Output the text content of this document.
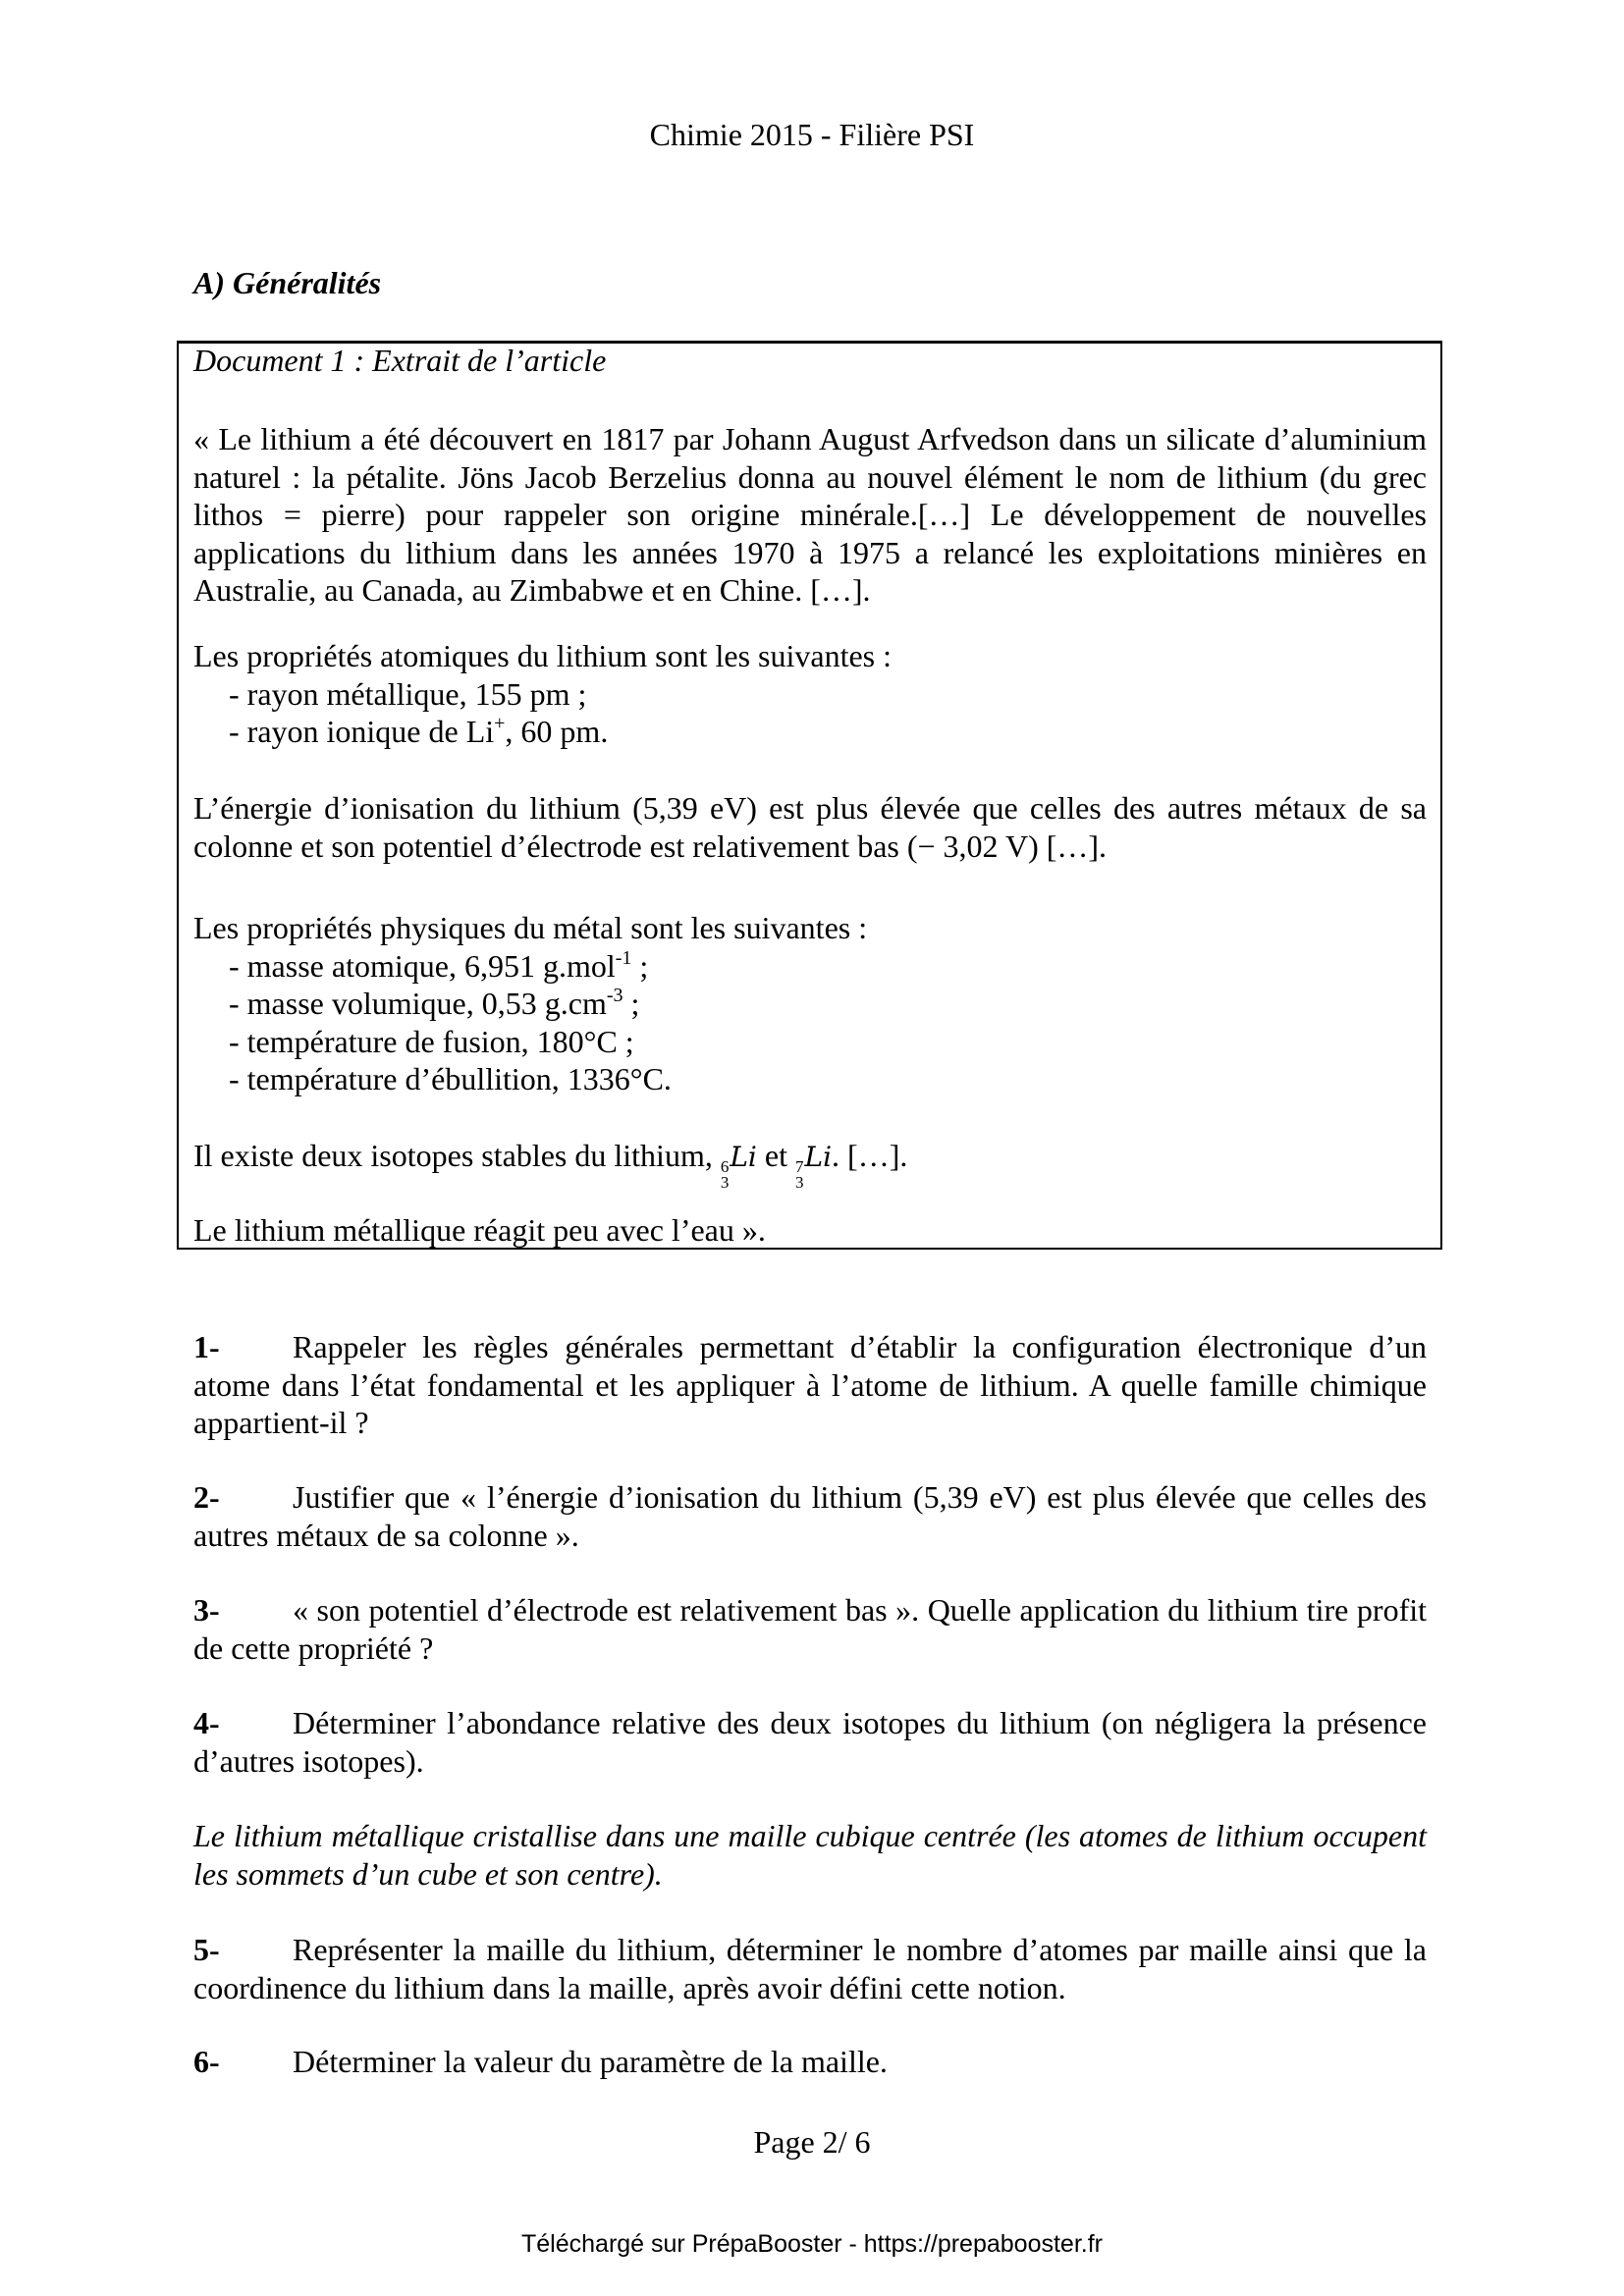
Chimie 2015 - Filière PSI
A) Généralités
Document 1 : Extrait de l’article
« Le lithium a été découvert en 1817 par Johann August Arfvedson dans un silicate d’aluminium naturel : la pétalite. Jöns Jacob Berzelius donna au nouvel élément le nom de lithium (du grec lithos = pierre) pour rappeler son origine minérale.[…] Le développement de nouvelles applications du lithium dans les années 1970 à 1975 a relancé les exploitations minières en Australie, au Canada, au Zimbabwe et en Chine. […].

Les propriétés atomiques du lithium sont les suivantes :

- rayon métallique, 155 pm ;

- rayon ionique de Li+, 60 pm.

L’énergie d’ionisation du lithium (5,39 eV) est plus élevée que celles des autres métaux de sa colonne et son potentiel d’électrode est relativement bas (− 3,02 V) […].

Les propriétés physiques du métal sont les suivantes :

- masse atomique, 6,951 g.mol$^{-1}$ ;

- masse volumique, 0,53 $g.cm^{-3}$ ;

- température de fusion, 180°C ;

- température d’ébullition, 1336°C.

Il existe deux isotopes stables du lithium, 6
3
Li et 7
3
Li. […].
Le lithium métallique réagit peu avec l’eau ».
1- Rappeler les règles générales permettant d’établir la configuration électronique d’un atome dans l’état fondamental et les appliquer à l’atome de lithium. A quelle famille chimique appartient-il ?
2- Justifier que « l’énergie d’ionisation du lithium (5,39 eV) est plus élevée que celles des autres métaux de sa colonne ».
3- « son potentiel d’électrode est relativement bas ». Quelle application du lithium tire profit de cette propriété ?
4- Déterminer l’abondance relative des deux isotopes du lithium (on négligera la présence d’autres isotopes).
Le lithium métallique cristallise dans une maille cubique centrée (les atomes de lithium occupent les sommets d’un cube et son centre).
5- Représenter la maille du lithium, déterminer le nombre d’atomes par maille ainsi que la coordinence du lithium dans la maille, après avoir défini cette notion.
6- Déterminer la valeur du paramètre de la maille.
Page 2/ 6
Téléchargé sur PrépaBooster - https://prepabooster.fr
